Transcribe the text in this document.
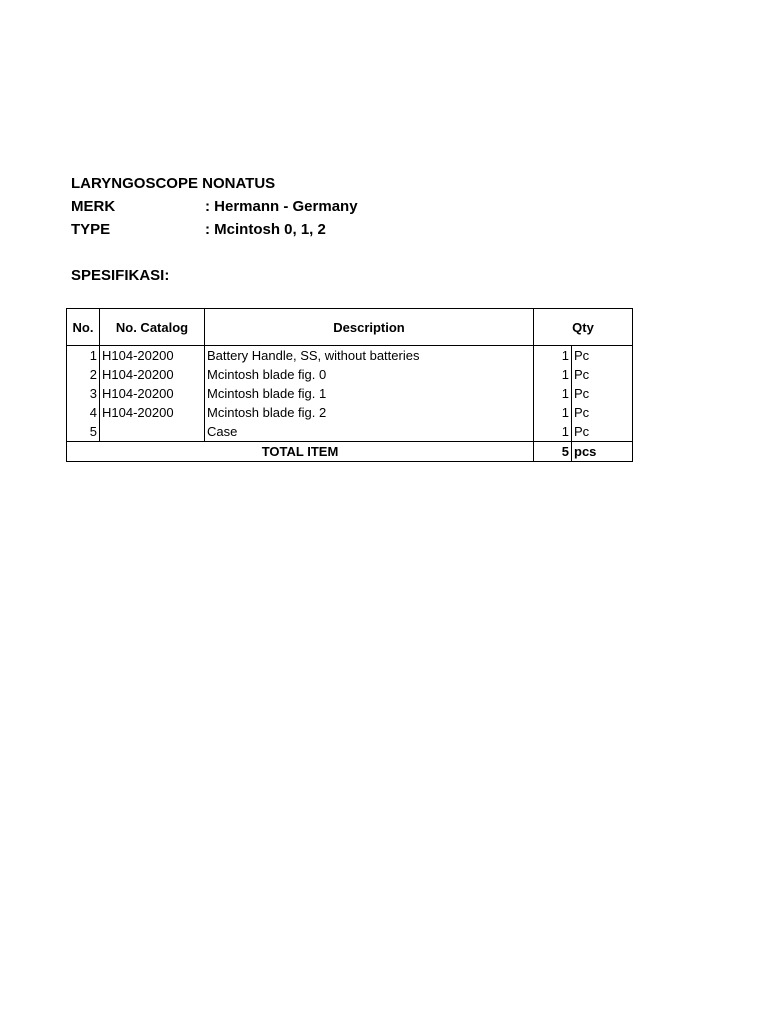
LARYNGOSCOPE NONATUS
MERK	: Hermann - Germany
TYPE	: Mcintosh 0, 1, 2
SPESIFIKASI:
No.	No. Catalog	Description	Qty	
1	H104-20200	Battery Handle, SS, without batteries	1	Pc
2	H104-20200	Mcintosh blade fig. 0	1	Pc
3	H104-20200	Mcintosh blade fig. 1	1	Pc
4	H104-20200	Mcintosh blade fig. 2	1	Pc
5		Case	1	Pc
TOTAL ITEM			5	pcs
